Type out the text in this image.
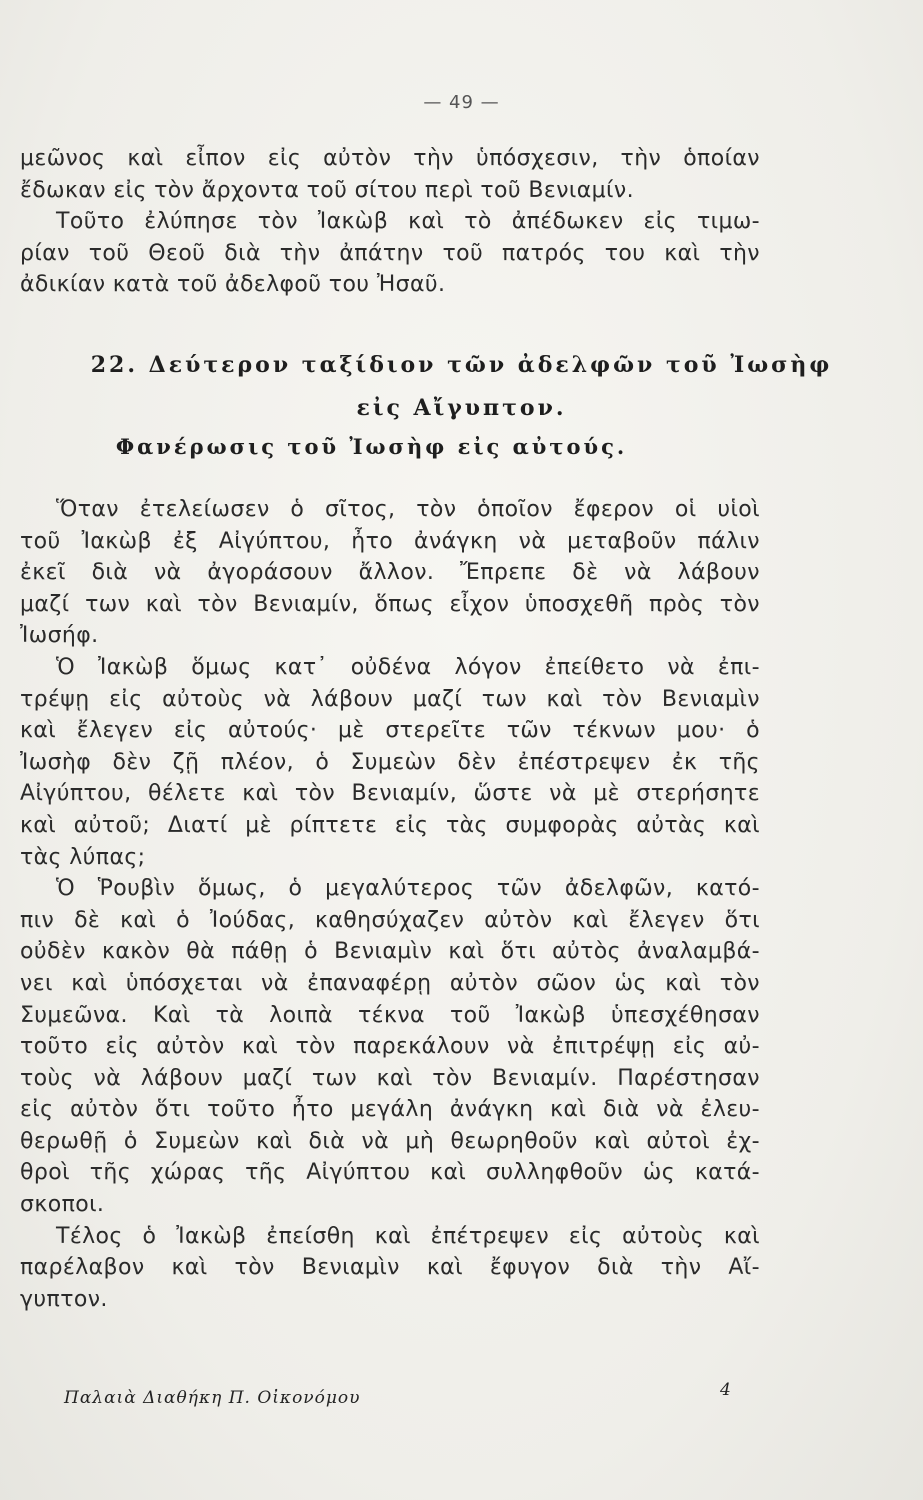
— 49 —
μεῶνος καὶ εἶπον εἰς αὐτὸν τὴν ὑπόσχεσιν, τὴν ὁποίαν
ἔδωκαν εἰς τὸν ἄρχοντα τοῦ σίτου περὶ τοῦ Βενιαμίν.
Τοῦτο ἐλύπησε τὸν Ἰακὼβ καὶ τὸ ἀπέδωκεν εἰς τιμω-
ρίαν τοῦ Θεοῦ διὰ τὴν ἀπάτην τοῦ πατρός του καὶ τὴν
ἀδικίαν κατὰ τοῦ ἀδελφοῦ του Ἠσαῦ.
22. Δεύτερον ταξίδιον τῶν ἀδελφῶν τοῦ Ἰωσὴφ
εἰς Αἴγυπτον.
Φανέρωσις τοῦ Ἰωσὴφ εἰς αὐτούς.
Ὅταν ἐτελείωσεν ὁ σῖτος, τὸν ὁποῖον ἔφερον οἱ υἱοὶ
τοῦ Ἰακὼβ ἐξ Αἰγύπτου, ἦτο ἀνάγκη νὰ μεταβοῦν πάλιν
ἐκεῖ διὰ νὰ ἀγοράσουν ἄλλον. Ἔπρεπε δὲ νὰ λάβουν
μαζί των καὶ τὸν Βενιαμίν, ὅπως εἶχον ὑποσχεθῆ πρὸς τὸν
Ἰωσήφ.
Ὁ Ἰακὼβ ὅμως κατ᾽ οὐδένα λόγον ἐπείθετο νὰ ἐπι-
τρέψῃ εἰς αὐτοὺς νὰ λάβουν μαζί των καὶ τὸν Βενιαμὶν
καὶ ἔλεγεν εἰς αὐτούς· μὲ στερεῖτε τῶν τέκνων μου· ὁ
Ἰωσὴφ δὲν ζῇ πλέον, ὁ Συμεὼν δὲν ἐπέστρεψεν ἐκ τῆς
Αἰγύπτου, θέλετε καὶ τὸν Βενιαμίν, ὥστε νὰ μὲ στερήσητε
καὶ αὐτοῦ; Διατί μὲ ρίπτετε εἰς τὰς συμφορὰς αὐτὰς καὶ
τὰς λύπας;
Ὁ Ῥουβὶν ὅμως, ὁ μεγαλύτερος τῶν ἀδελφῶν, κατό-
πιν δὲ καὶ ὁ Ἰούδας, καθησύχαζεν αὐτὸν καὶ ἔλεγεν ὅτι
οὐδὲν κακὸν θὰ πάθῃ ὁ Βενιαμὶν καὶ ὅτι αὐτὸς ἀναλαμβά-
νει καὶ ὑπόσχεται νὰ ἐπαναφέρῃ αὐτὸν σῶον ὡς καὶ τὸν
Συμεῶνα. Καὶ τὰ λοιπὰ τέκνα τοῦ Ἰακὼβ ὑπεσχέθησαν
τοῦτο εἰς αὐτὸν καὶ τὸν παρεκάλουν νὰ ἐπιτρέψῃ εἰς αὐ-
τοὺς νὰ λάβουν μαζί των καὶ τὸν Βενιαμίν. Παρέστησαν
εἰς αὐτὸν ὅτι τοῦτο ἦτο μεγάλη ἀνάγκη καὶ διὰ νὰ ἐλευ-
θερωθῇ ὁ Συμεὼν καὶ διὰ νὰ μὴ θεωρηθοῦν καὶ αὐτοὶ ἐχ-
θροὶ τῆς χώρας τῆς Αἰγύπτου καὶ συλληφθοῦν ὡς κατά-
σκοποι.
Τέλος ὁ Ἰακὼβ ἐπείσθη καὶ ἐπέτρεψεν εἰς αὐτοὺς καὶ
παρέλαβον καὶ τὸν Βενιαμὶν καὶ ἔφυγον διὰ τὴν Αἴ-
γυπτον.
Παλαιὰ Διαθήκη Π. Οἰκονόμου	4
